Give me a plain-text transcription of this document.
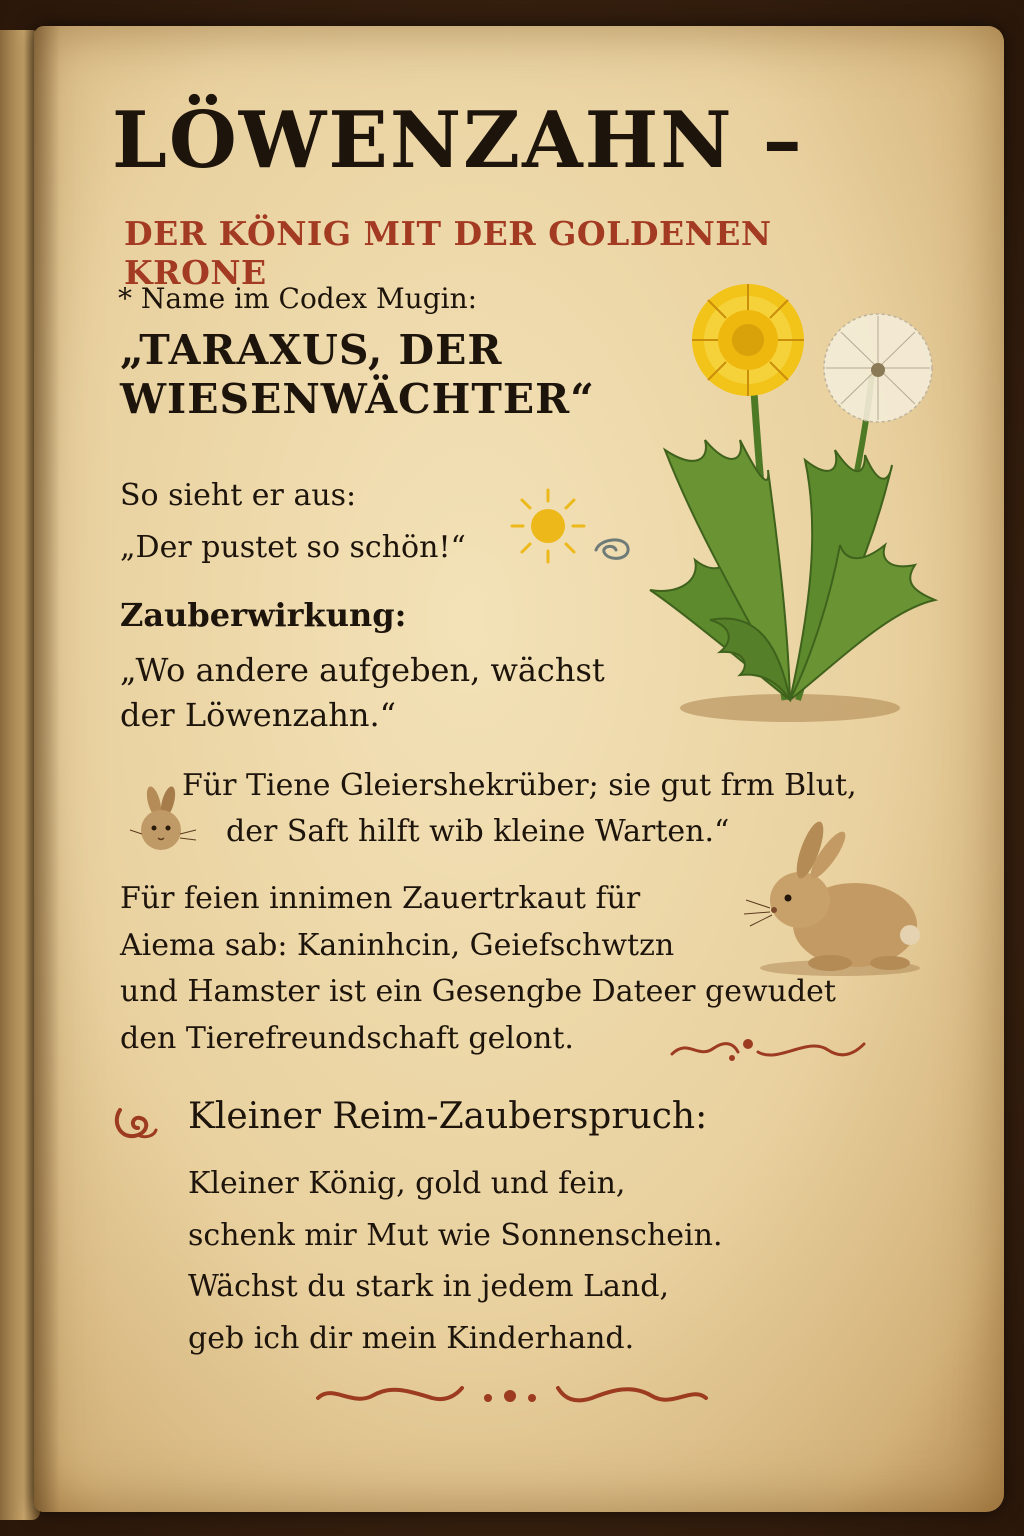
LÖWENZAHN –
DER KÖNIG MIT DER GOLDENEN KRONE
* Name im Codex Mugin:
„TARAXUS, DER
WIESENWÄCHTER“
So sieht er aus:
„Der pustet so schön!“
Zauberwirkung:
„Wo andere aufgeben, wächst
der Löwenzahn.“
Für Tiene Gleiershekrüber; sie gut frm Blut,
der Saft hilft wib kleine Warten.“
Für feien innimen Zauertrkaut für
Aiema sab: Kaninhcin, Geiefschwtzn
und Hamster ist ein Gesengbe Dateer gewudet
den Tierefreundschaft gelont.
Kleiner Reim-Zauberspruch:
Kleiner König, gold und fein,
schenk mir Mut wie Sonnenschein.
Wächst du stark in jedem Land,
geb ich dir mein Kinderhand.
